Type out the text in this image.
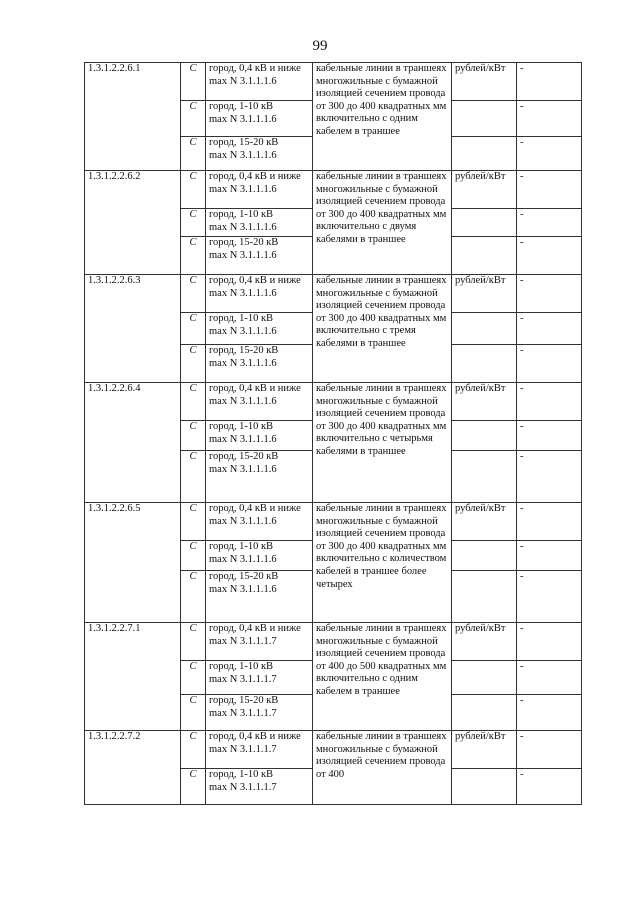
99
1.3.1.2.2.6.1	C	город, 0,4 кВ и ниже
max N 3.1.1.1.6	кабельные линии в траншеях многожильные с бумажной изоляцией сечением провода от 300 до 400 квадратных мм включительно с одним кабелем в траншее	рублей/кВт	-
	C	город, 1-10 кВ
max N 3.1.1.1.6			-
	C	город, 15-20 кВ
max N 3.1.1.1.6			-
1.3.1.2.2.6.2	C	город, 0,4 кВ и ниже
max N 3.1.1.1.6	кабельные линии в траншеях многожильные с бумажной изоляцией сечением провода от 300 до 400 квадратных мм включительно с двумя кабелями в траншее	рублей/кВт	-
	C	город, 1-10 кВ
max N 3.1.1.1.6			-
	C	город, 15-20 кВ
max N 3.1.1.1.6			-
1.3.1.2.2.6.3	C	город, 0,4 кВ и ниже
max N 3.1.1.1.6	кабельные линии в траншеях многожильные с бумажной изоляцией сечением провода от 300 до 400 квадратных мм включительно с тремя кабелями в траншее	рублей/кВт	-
	C	город, 1-10 кВ
max N 3.1.1.1.6			-
	C	город, 15-20 кВ
max N 3.1.1.1.6			-
1.3.1.2.2.6.4	C	город, 0,4 кВ и ниже
max N 3.1.1.1.6	кабельные линии в траншеях многожильные с бумажной изоляцией сечением провода от 300 до 400 квадратных мм включительно с четырьмя кабелями в траншее	рублей/кВт	-
	C	город, 1-10 кВ
max N 3.1.1.1.6			-
	C	город, 15-20 кВ
max N 3.1.1.1.6			-
1.3.1.2.2.6.5	C	город, 0,4 кВ и ниже
max N 3.1.1.1.6	кабельные линии в траншеях многожильные с бумажной изоляцией сечением провода от 300 до 400 квадратных мм включительно с количеством кабелей в траншее более четырех	рублей/кВт	-
	C	город, 1-10 кВ
max N 3.1.1.1.6			-
	C	город, 15-20 кВ
max N 3.1.1.1.6			-
1.3.1.2.2.7.1	C	город, 0,4 кВ и ниже
max N 3.1.1.1.7	кабельные линии в траншеях многожильные с бумажной изоляцией сечением провода от 400 до 500 квадратных мм включительно с одним кабелем в траншее	рублей/кВт	-
	C	город, 1-10 кВ
max N 3.1.1.1.7			-
	C	город, 15-20 кВ
max N 3.1.1.1.7			-
1.3.1.2.2.7.2	C	город, 0,4 кВ и ниже
max N 3.1.1.1.7	кабельные линии в траншеях многожильные с бумажной изоляцией сечением провода от 400	рублей/кВт	-
	C	город, 1-10 кВ
max N 3.1.1.1.7			-
